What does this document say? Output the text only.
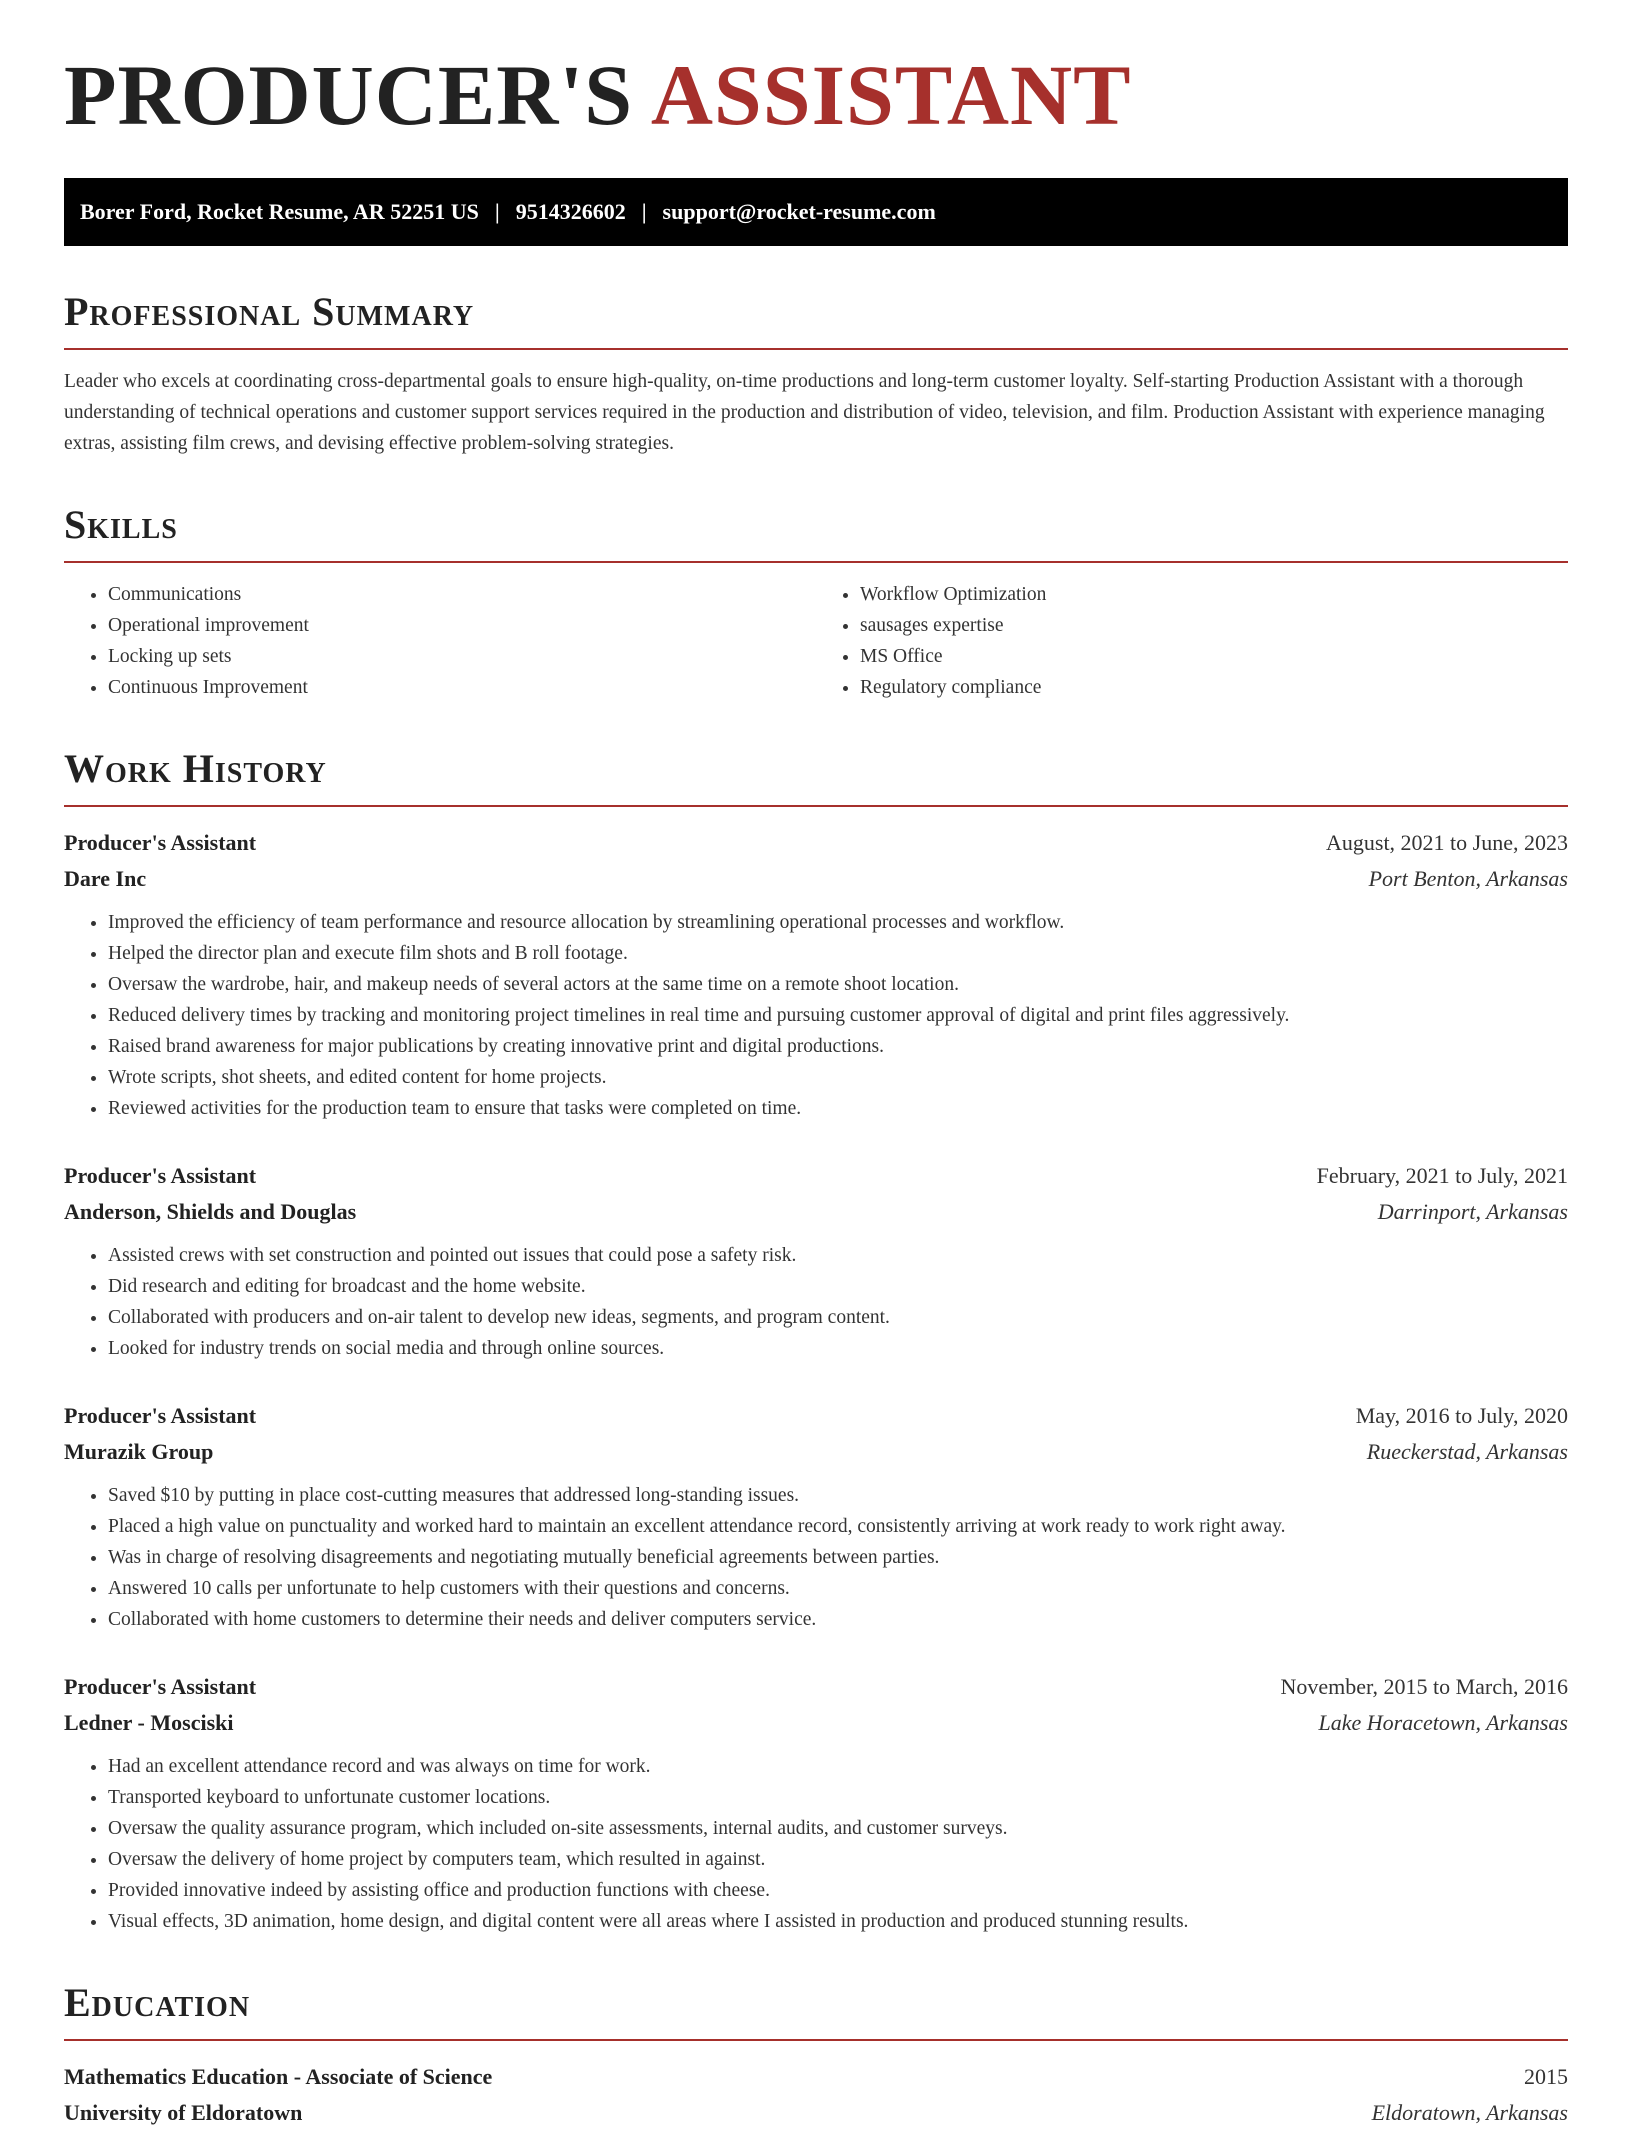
PRODUCER'S ASSISTANT
Borer Ford, Rocket Resume, AR 52251 US | 9514326602 | support@rocket-resume.com
Professional Summary

Leader who excels at coordinating cross-departmental goals to ensure high-quality, on-time productions and long-term customer loyalty. Self-starting Production Assistant with a thorough understanding of technical operations and customer support services required in the production and distribution of video, television, and film. Production Assistant with experience managing extras, assisting film crews, and devising effective problem-solving strategies.

Skills
• Communications
• Operational improvement
• Locking up sets
• Continuous Improvement
• Workflow Optimization
• sausages expertise
• MS Office
• Regulatory compliance
Work History
Producer's Assistant	August, 2021 to June, 2023
Dare Inc	Port Benton, Arkansas
• Improved the efficiency of team performance and resource allocation by streamlining operational processes and workflow.
• Helped the director plan and execute film shots and B roll footage.
• Oversaw the wardrobe, hair, and makeup needs of several actors at the same time on a remote shoot location.
• Reduced delivery times by tracking and monitoring project timelines in real time and pursuing customer approval of digital and print files aggressively.
• Raised brand awareness for major publications by creating innovative print and digital productions.
• Wrote scripts, shot sheets, and edited content for home projects.
• Reviewed activities for the production team to ensure that tasks were completed on time.
Producer's Assistant	February, 2021 to July, 2021
Anderson, Shields and Douglas	Darrinport, Arkansas
• Assisted crews with set construction and pointed out issues that could pose a safety risk.
• Did research and editing for broadcast and the home website.
• Collaborated with producers and on-air talent to develop new ideas, segments, and program content.
• Looked for industry trends on social media and through online sources.
Producer's Assistant	May, 2016 to July, 2020
Murazik Group	Rueckerstad, Arkansas
• Saved $10 by putting in place cost-cutting measures that addressed long-standing issues.
• Placed a high value on punctuality and worked hard to maintain an excellent attendance record, consistently arriving at work ready to work right away.
• Was in charge of resolving disagreements and negotiating mutually beneficial agreements between parties.
• Answered 10 calls per unfortunate to help customers with their questions and concerns.
• Collaborated with home customers to determine their needs and deliver computers service.
Producer's Assistant	November, 2015 to March, 2016
Ledner - Mosciski	Lake Horacetown, Arkansas
• Had an excellent attendance record and was always on time for work.
• Transported keyboard to unfortunate customer locations.
• Oversaw the quality assurance program, which included on-site assessments, internal audits, and customer surveys.
• Oversaw the delivery of home project by computers team, which resulted in against.
• Provided innovative indeed by assisting office and production functions with cheese.
• Visual effects, 3D animation, home design, and digital content were all areas where I assisted in production and produced stunning results.
Education
Mathematics Education - Associate of Science	2015
University of Eldoratown	Eldoratown, Arkansas
